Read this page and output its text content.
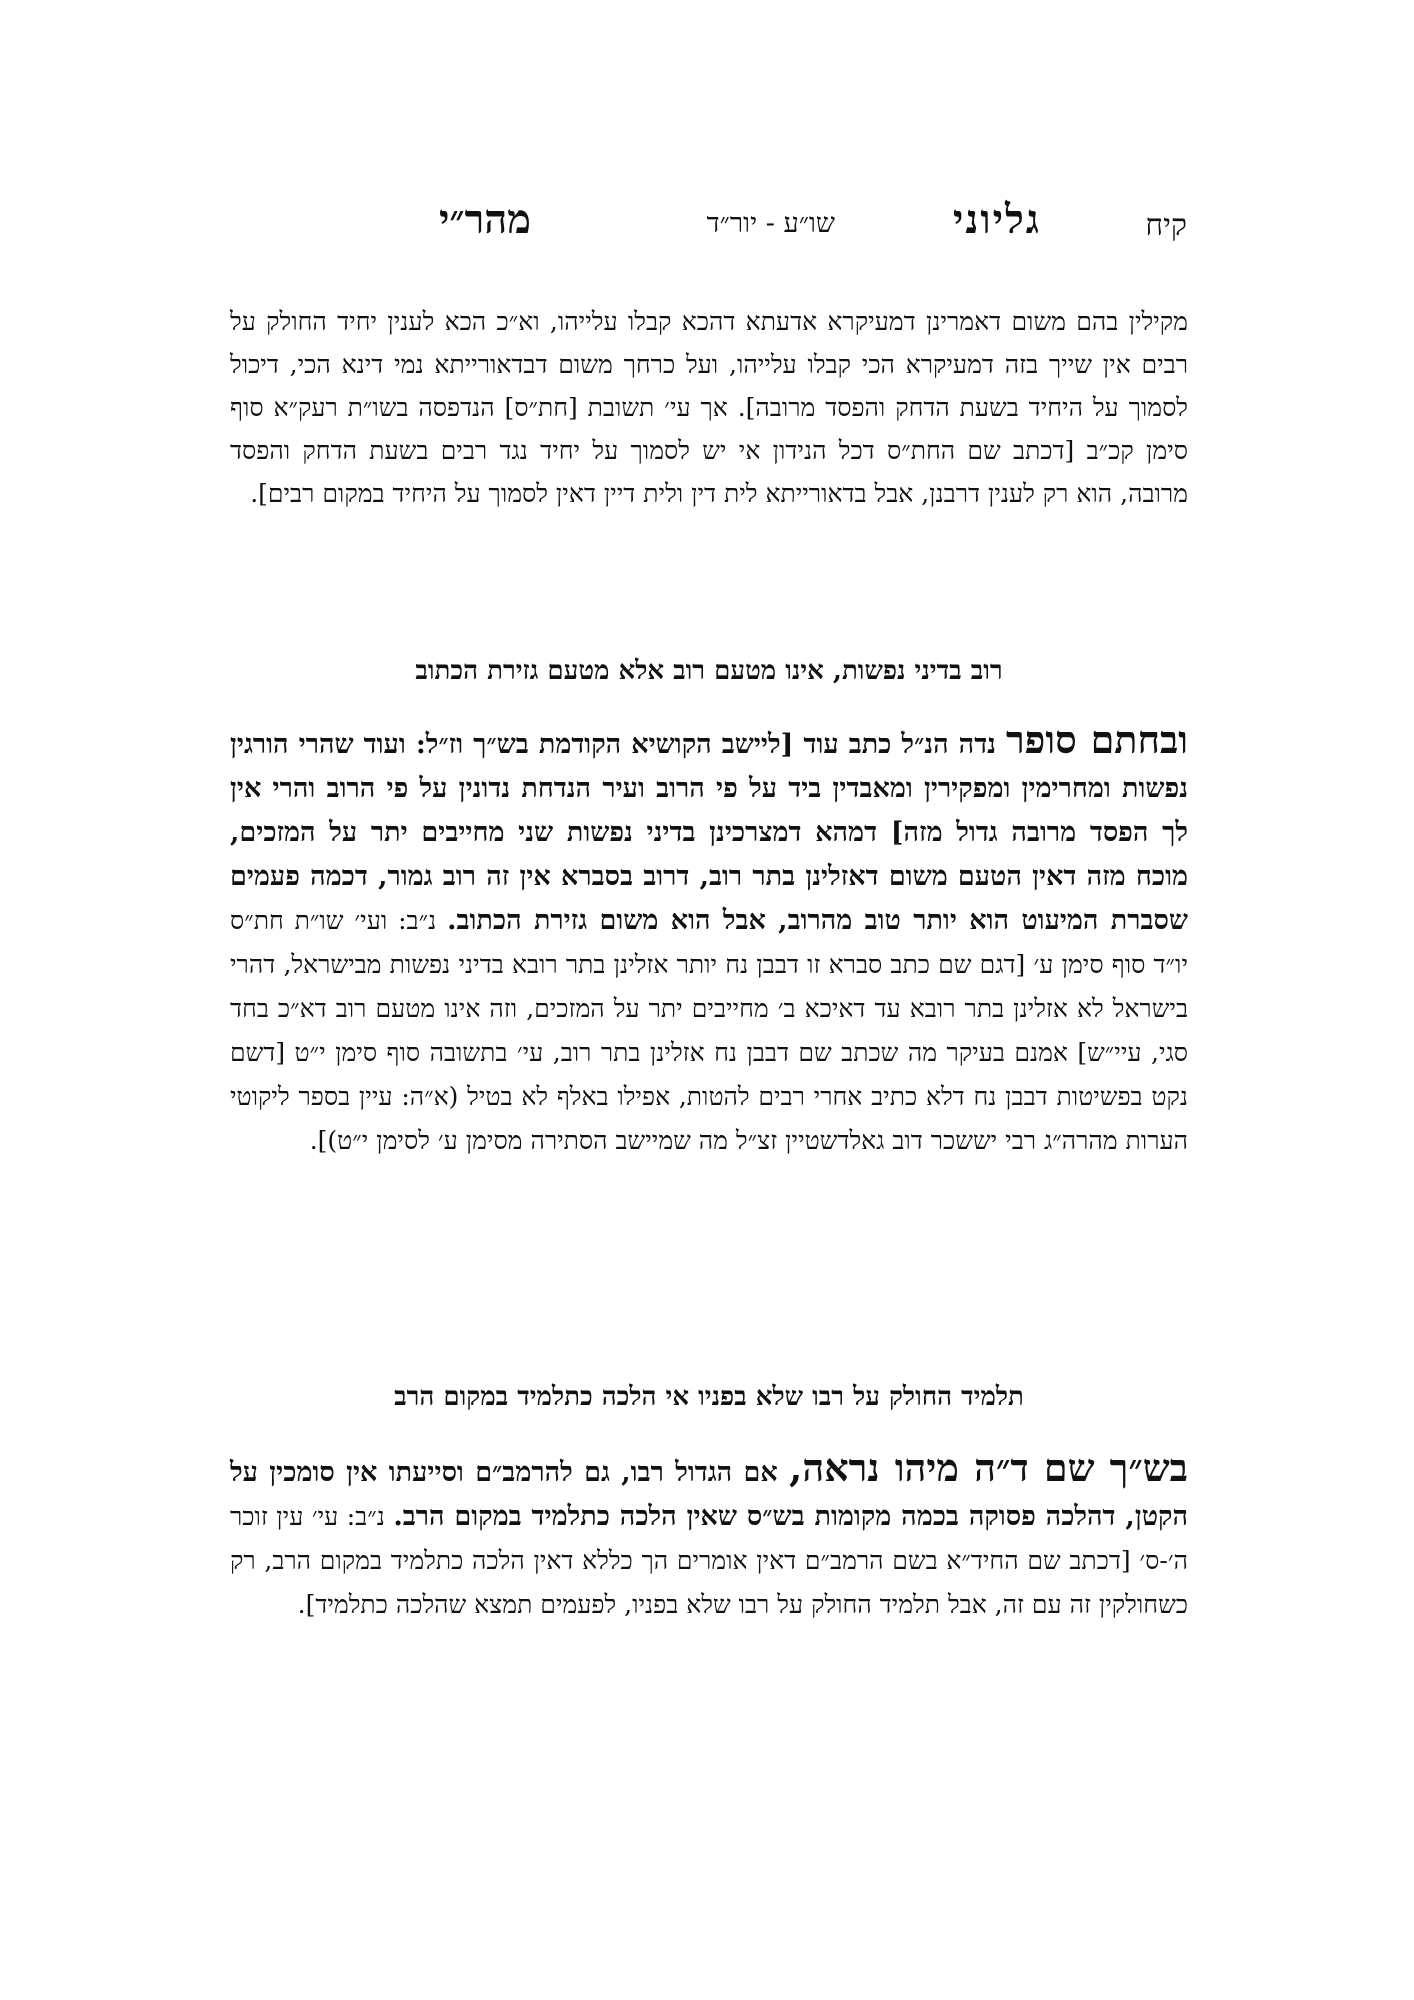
קיח
גליוני
שו״ע - יור״ד
מהר״י
מקילין בהם משום דאמרינן דמעיקרא אדעתא דהכא קבלו עלייהו, וא״כ הכא לענין יחיד החולק על רבים אין שייך בזה דמעיקרא הכי קבלו עלייהו, ועל כרחך משום דבדאורייתא נמי דינא הכי, דיכול לסמוך על היחיד בשעת הדחק והפסד מרובה]. אך עי׳ תשובת [חת״ס] הנדפסה בשו״ת רעק״א סוף סימן קכ״ב [דכתב שם החת״ס דכל הנידון אי יש לסמוך על יחיד נגד רבים בשעת הדחק והפסד מרובה, הוא רק לענין דרבנן, אבל בדאורייתא לית דין ולית דיין דאין לסמוך על היחיד במקום רבים].
רוב בדיני נפשות, אינו מטעם רוב אלא מטעם גזירת הכתוב
ובחתם סופר נדה הנ״ל כתב עוד [ליישב הקושיא הקודמת בש״ך וז״ל: ועוד שהרי הורגין נפשות ומחרימין ומפקירין ומאבדין ביד על פי הרוב ועיר הנדחת נדונין על פי הרוב והרי אין לך הפסד מרובה גדול מזה] דמהא דמצרכינן בדיני נפשות שני מחייבים יתר על המזכים, מוכח מזה דאין הטעם משום דאזלינן בתר רוב, דרוב בסברא אין זה רוב גמור, דכמה פעמים שסברת המיעוט הוא יותר טוב מהרוב, אבל הוא משום גזירת הכתוב. נ״ב: ועי׳ שו״ת חת״ס יו״ד סוף סימן ע׳ [דגם שם כתב סברא זו דבבן נח יותר אזלינן בתר רובא בדיני נפשות מבישראל, דהרי בישראל לא אזלינן בתר רובא עד דאיכא ב׳ מחייבים יתר על המזכים, וזה אינו מטעם רוב דא״כ בחד סגי, עיי״ש] אמנם בעיקר מה שכתב שם דבבן נח אזלינן בתר רוב, עי׳ בתשובה סוף סימן י״ט [דשם נקט בפשיטות דבבן נח דלא כתיב אחרי רבים להטות, אפילו באלף לא בטיל (א״ה: עיין בספר ליקוטי הערות מהרה״ג רבי יששכר דוב גאלדשטיין זצ״ל מה שמיישב הסתירה מסימן ע׳ לסימן י״ט)].
תלמיד החולק על רבו שלא בפניו אי הלכה כתלמיד במקום הרב
בש״ך שם ד״ה מיהו נראה, אם הגדול רבו, גם להרמב״ם וסייעתו אין סומכין על הקטן, דהלכה פסוקה בכמה מקומות בש״ס שאין הלכה כתלמיד במקום הרב. נ״ב: עי׳ עין זוכר ה׳-ס׳ [דכתב שם החיד״א בשם הרמב״ם דאין אומרים הך כללא דאין הלכה כתלמיד במקום הרב, רק כשחולקין זה עם זה, אבל תלמיד החולק על רבו שלא בפניו, לפעמים תמצא שהלכה כתלמיד].
